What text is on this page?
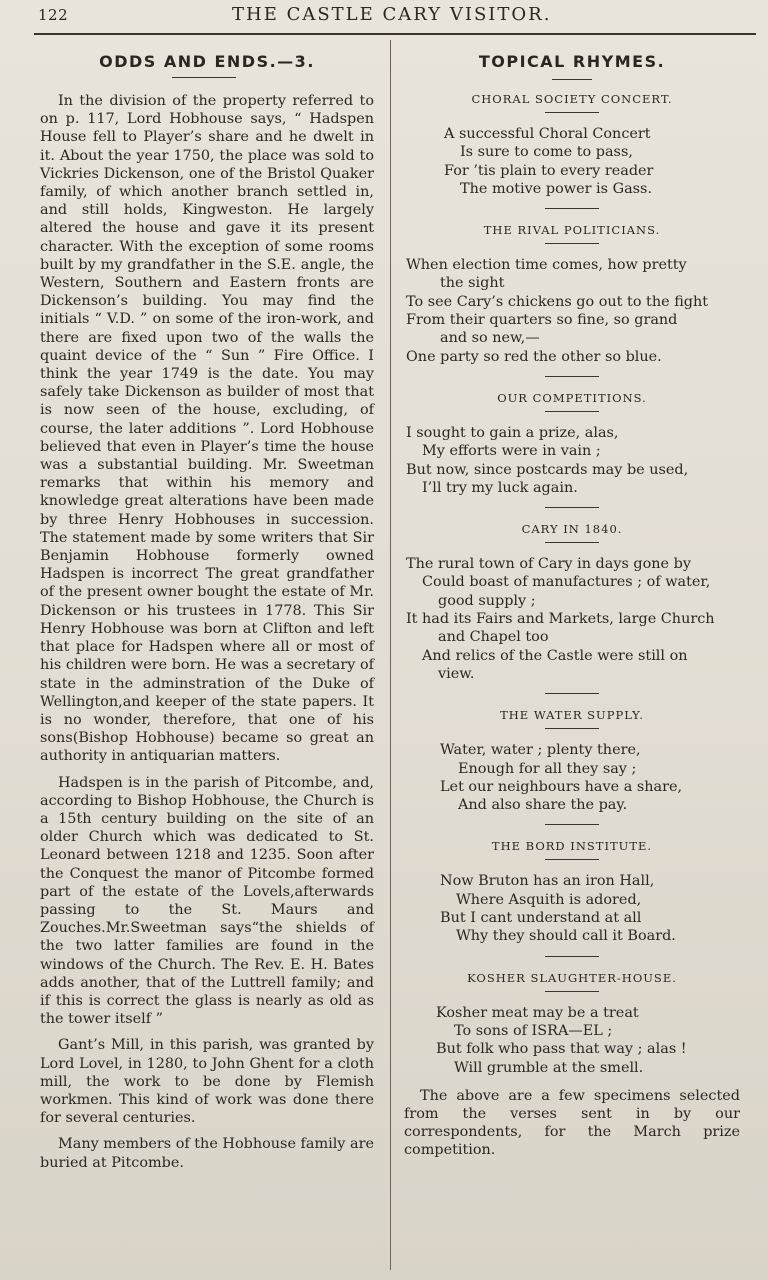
122	THE CASTLE CARY VISITOR.
ODDS AND ENDS.—3.

In the division of the property referred to on p. 117, Lord Hobhouse says, “ Hadspen House fell to Player’s share and he dwelt in it. About the year 1750, the place was sold to Vickries Dickenson, one of the Bristol Quaker family, of which another branch settled in, and still holds, Kingweston. He largely altered the house and gave it its present character. With the exception of some rooms built by my grandfather in the S.E. angle, the Western, Southern and Eastern fronts are Dickenson’s building. You may find the initials “ V.D. ” on some of the iron-work, and there are fixed upon two of the walls the quaint device of the “ Sun ” Fire Office. I think the year 1749 is the date. You may safely take Dickenson as builder of most that is now seen of the house, excluding, of course, the later additions ”. Lord Hobhouse believed that even in Player’s time the house was a substantial building. Mr. Sweetman remarks that within his memory and knowledge great alterations have been made by three Henry Hobhouses in succession. The statement made by some writers that Sir Benjamin Hobhouse formerly owned Hadspen is incorrect The great grandfather of the present owner bought the estate of Mr. Dickenson or his trustees in 1778. This Sir Henry Hobhouse was born at Clifton and left that place for Hadspen where all or most of his children were born. He was a secretary of state in the adminstration of the Duke of Wellington,and keeper of the state papers. It is no wonder, therefore, that one of his sons(Bishop Hobhouse) became so great an authority in antiquarian matters.

Hadspen is in the parish of Pitcombe, and, according to Bishop Hobhouse, the Church is a 15th century building on the site of an older Church which was dedicated to St. Leonard between 1218 and 1235. Soon after the Conquest the manor of Pitcombe formed part of the estate of the Lovels,afterwards passing to the St. Maurs and Zouches.Mr.Sweetman says“the shields of the two latter families are found in the windows of the Church. The Rev. E. H. Bates adds another, that of the Luttrell family; and if this is correct the glass is nearly as old as the tower itself ”

Gant’s Mill, in this parish, was granted by Lord Lovel, in 1280, to John Ghent for a cloth mill, the work to be done by Flemish workmen. This kind of work was done there for several centuries.

Many members of the Hobhouse family are buried at Pitcombe.

TOPICAL RHYMES.
CHORAL SOCIETY CONCERT.
A successful Choral Concert
Is sure to come to pass,
For ’tis plain to every reader
The motive power is Gass.
THE RIVAL POLITICIANS.
When election time comes, how pretty
the sight
To see Cary’s chickens go out to the fight
From their quarters so fine, so grand
and so new,—
One party so red the other so blue.
OUR COMPETITIONS.
I sought to gain a prize, alas,
My efforts were in vain ;
But now, since postcards may be used,
I’ll try my luck again.
CARY IN 1840.
The rural town of Cary in days gone by
Could boast of manufactures ; of water,
good supply ;
It had its Fairs and Markets, large Church
and Chapel too
And relics of the Castle were still on
view.
THE WATER SUPPLY.
Water, water ; plenty there,
Enough for all they say ;
Let our neighbours have a share,
And also share the pay.
THE BORD INSTITUTE.
Now Bruton has an iron Hall,
Where Asquith is adored,
But I cant understand at all
Why they should call it Board.
KOSHER SLAUGHTER-HOUSE.
Kosher meat may be a treat
To sons of ISRA—EL ;
But folk who pass that way ; alas !
Will grumble at the smell.

The above are a few specimens selected from the verses sent in by our correspondents, for the March prize competition.
